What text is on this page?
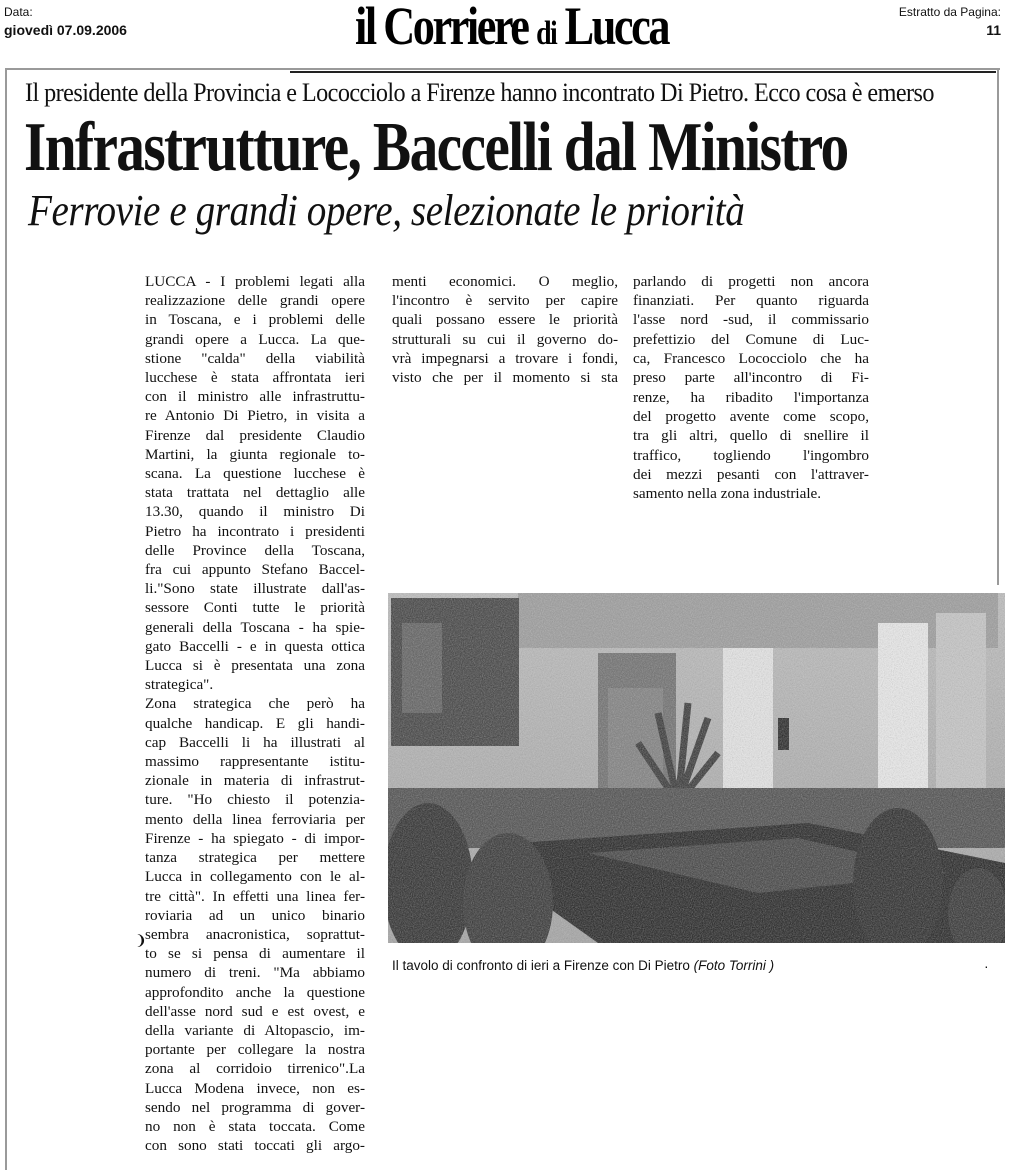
Data:
giovedì 07.09.2006
Estratto da Pagina:
11
il Corriere di Lucca
Il presidente della Provincia e Lococciolo a Firenze hanno incontrato Di Pietro. Ecco cosa è emerso
Infrastrutture, Baccelli dal Ministro
Ferrovie e grandi opere, selezionate le priorità
LUCCA - I problemi legati alla
realizzazione delle grandi opere
in Toscana, e i problemi delle
grandi opere a Lucca. La que-
stione "calda" della viabilità
lucchese è stata affrontata ieri
con il ministro alle infrastruttu-
re Antonio Di Pietro, in visita a
Firenze dal presidente Claudio
Martini, la giunta regionale to-
scana. La questione lucchese è
stata trattata nel dettaglio alle
13.30, quando il ministro Di
Pietro ha incontrato i presidenti
delle Province della Toscana,
fra cui appunto Stefano Baccel-
li."Sono state illustrate dall'as-
sessore Conti tutte le priorità
generali della Toscana - ha spie-
gato Baccelli - e in questa ottica
Lucca si è presentata una zona
strategica".
Zona strategica che però ha
qualche handicap. E gli handi-
cap Baccelli li ha illustrati al
massimo rappresentante istitu-
zionale in materia di infrastrut-
ture. "Ho chiesto il potenzia-
mento della linea ferroviaria per
Firenze - ha spiegato - di impor-
tanza strategica per mettere
Lucca in collegamento con le al-
tre città". In effetti una linea fer-
roviaria ad un unico binario
sembra anacronistica, soprattut-
to se si pensa di aumentare il
numero di treni. "Ma abbiamo
approfondito anche la questione
dell'asse nord sud e est ovest, e
della variante di Altopascio, im-
portante per collegare la nostra
zona al corridoio tirrenico".La
Lucca Modena invece, non es-
sendo nel programma di gover-
no non è stata toccata. Come
con sono stati toccati gli argo-
menti economici. O meglio,
l'incontro è servito per capire
quali possano essere le priorità
strutturali su cui il governo do-
vrà impegnarsi a trovare i fondi,
visto che per il momento si sta
parlando di progetti non ancora
finanziati. Per quanto riguarda
l'asse nord -sud, il commissario
prefettizio del Comune di Luc-
ca, Francesco Lococciolo che ha
preso parte all'incontro di Fi-
renze, ha ribadito l'importanza
del progetto avente come scopo,
tra gli altri, quello di snellire il
traffico, togliendo l'ingombro
dei mezzi pesanti con l'attraver-
samento nella zona industriale.
❩
Il tavolo di confronto di ieri a Firenze con Di Pietro (Foto Torrini )	·
